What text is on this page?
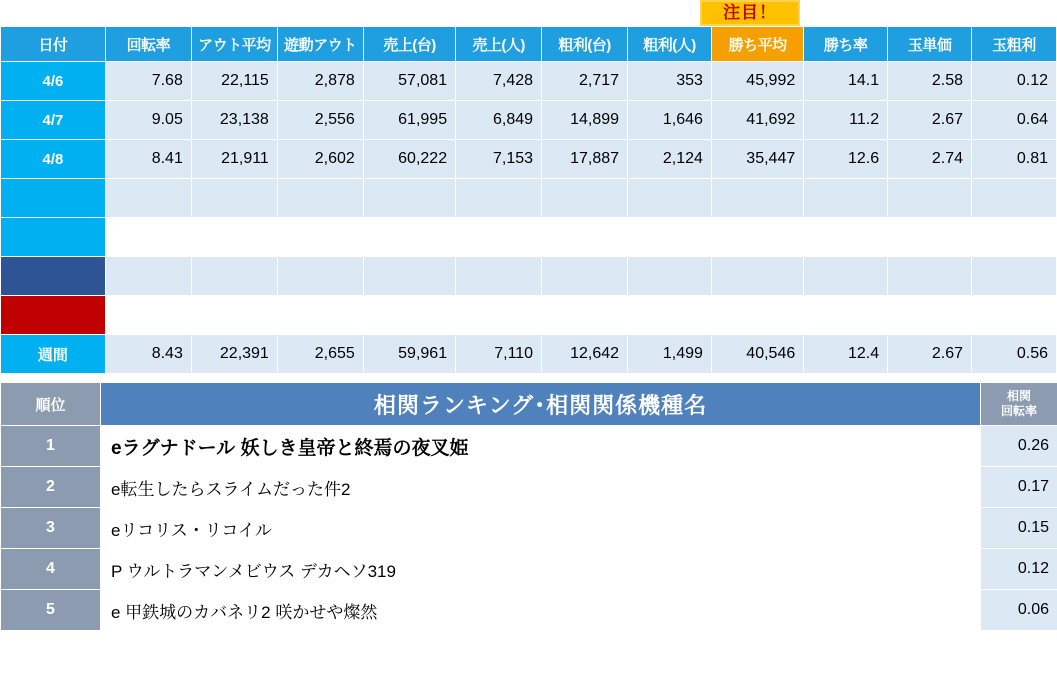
注目！
日付	回転率	アウト平均	遊動アウト	売上(台)	売上(人)	粗利(台)	粗利(人)	勝ち平均	勝ち率	玉単価	玉粗利
4/6	7.68	22,115	2,878	57,081	7,428	2,717	353	45,992	14.1	2.58	0.12
4/7	9.05	23,138	2,556	61,995	6,849	14,899	1,646	41,692	11.2	2.67	0.64
4/8	8.41	21,911	2,602	60,222	7,153	17,887	2,124	35,447	12.6	2.74	0.81

週間	8.43	22,391	2,655	59,961	7,110	12,642	1,499	40,546	12.4	2.67	0.56
順位	相関ランキング･相関関係機種名	相関
回転率
1	eラグナドール 妖しき皇帝と終焉の夜叉姫	0.26
2	e転生したらスライムだった件2	0.17
3	eリコリス・リコイル	0.15
4	P ウルトラマンメビウス デカヘソ319	0.12
5	e 甲鉄城のカバネリ2 咲かせや燦然	0.06
